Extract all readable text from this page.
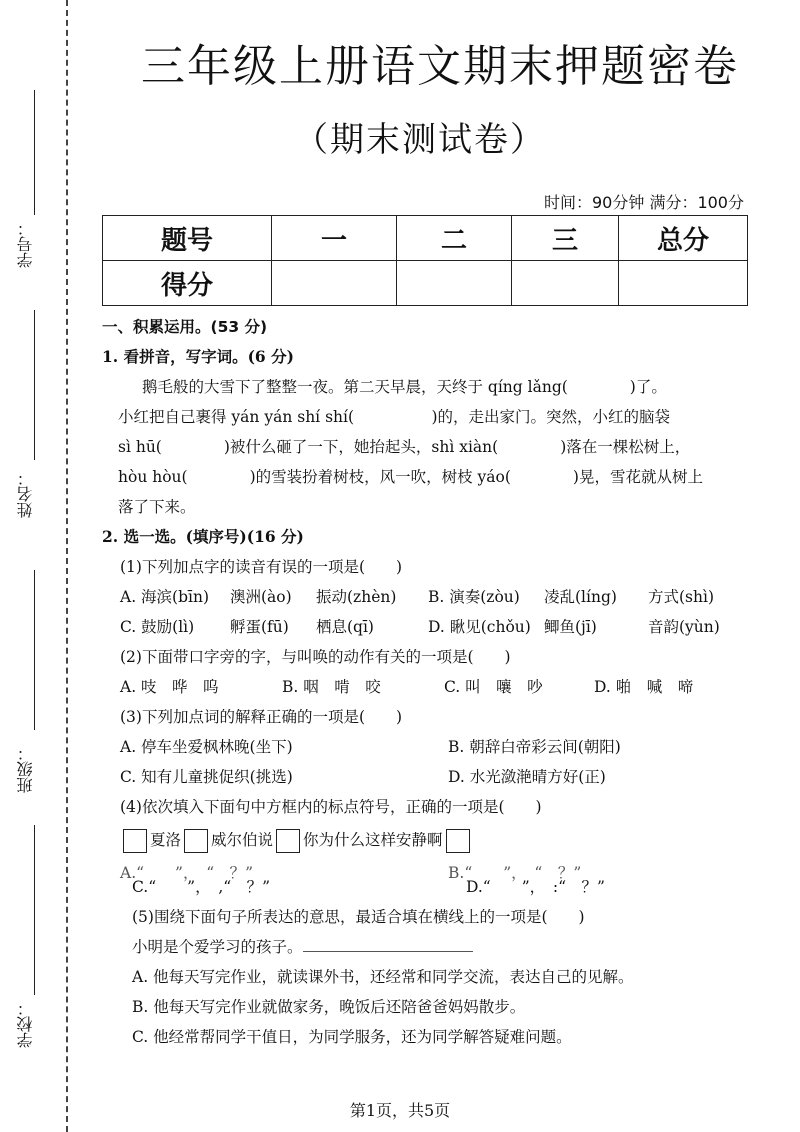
学号：
姓名：
班级：
学校：
三年级上册语文期末押题密卷
（期末测试卷）
时间：90分钟 满分：100分
题号	一	二	三	总分
得分				

一、积累运用。(53 分)

1. 看拼音，写字词。(6 分)

鹅毛般的大雪下了整整一夜。第二天早晨，天终于 qíng lǎng(　　　　)了。

小红把自己裹得 yán yán shí shí(　　　　　)的，走出家门。突然，小红的脑袋

sì hū(　　　　)被什么砸了一下，她抬起头，shì xiàn(　　　　)落在一棵松树上，

hòu hòu(　　　　)的雪装扮着树枝，风一吹，树枝 yáo(　　　　)晃，雪花就从树上

落了下来。

2. 选一选。(填序号)(16 分)

(1)下列加点字的读音有误的一项是(　　)

A. 海滨(bīn) 澳洲(ào) 振动(zhèn) B. 演奏(zòu) 凌乱(líng) 方式(shì)

C. 鼓励(lì) 孵蛋(fū) 栖息(qī)	D. 瞅见(chǒu) 鲫鱼(jī)	音韵(yùn)

(2)下面带口字旁的字，与叫唤的动作有关的一项是(　　)

A. 吱　哗　呜	B. 咽　啃　咬	C. 叫　嚷　吵	D. 啪　喊　啼

(3)下列加点词的解释正确的一项是(　　)

A. 停车坐爱枫林晚(坐下)	B. 朝辞白帝彩云间(朝阳)

C. 知有儿童挑促织(挑选)	D. 水光潋滟晴方好(正)

(4)依次填入下面句中方框内的标点符号，正确的一项是(　　)

夏洛 威尔伯说 你为什么这样安静啊

A.“　　”，　“　？”	B.“　　”，　“　？”

C.“　　”，　,“　？”	D.“　　”，　:“　？”

(5)围绕下面句子所表达的意思，最适合填在横线上的一项是(　　)

小明是个爱学习的孩子。

A. 他每天写完作业，就读课外书，还经常和同学交流，表达自己的见解。

B. 他每天写完作业就做家务，晚饭后还陪爸爸妈妈散步。

C. 他经常帮同学干值日，为同学服务，还为同学解答疑难问题。

第1页，共5页
